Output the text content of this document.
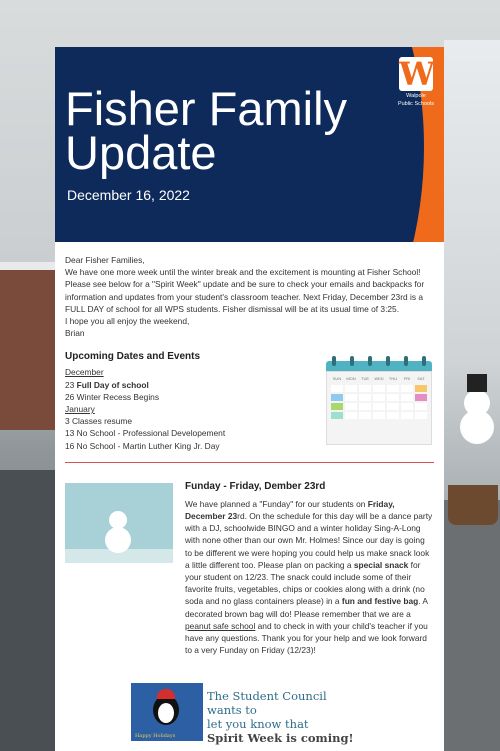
W
Walpole
Public Schools
Fisher Family Update
December 16, 2022
Dear Fisher Families,
We have one more week until the winter break and the excitement is mounting at Fisher School! Please see below for a "Spirit Week" update and be sure to check your emails and backpacks for information and updates from your student's classroom teacher. Next Friday, December 23rd is a FULL DAY of school for all WPS students. Fisher dismissal will be at its usual time of 3:25.
I hope you all enjoy the weekend,
Brian
Upcoming Dates and Events
December
23 Full Day of school
26 Winter Recess Begins
January
3 Classes resume
13 No School - Professional Developement
16 No School - Martin Luther King Jr. Day
SUN	MON	TUE	WED	THU	FRI	SAT
Funday - Friday, Dember 23rd
We have planned a "Funday" for our students on Friday, December 23rd. On the schedule for this day will be a dance party with a DJ, schoolwide BINGO and a winter holiday Sing-A-Long with none other than our own Mr. Holmes! Since our day is going to be different we were hoping you could help us make snack look a little different too. Please plan on packing a special snack for your student on 12/23. The snack could include some of their favorite fruits, vegetables, chips or cookies along with a drink (no soda and no glass containers please) in a fun and festive bag. A decorated brown bag will do! Please remember that we are a peanut safe school and to check in with your child's teacher if you have any questions. Thank you for your help and we look forward to a very Funday on Friday (12/23)!
Happy Holidays
The Student Council wants to
let you know that
Spirit Week is coming!
